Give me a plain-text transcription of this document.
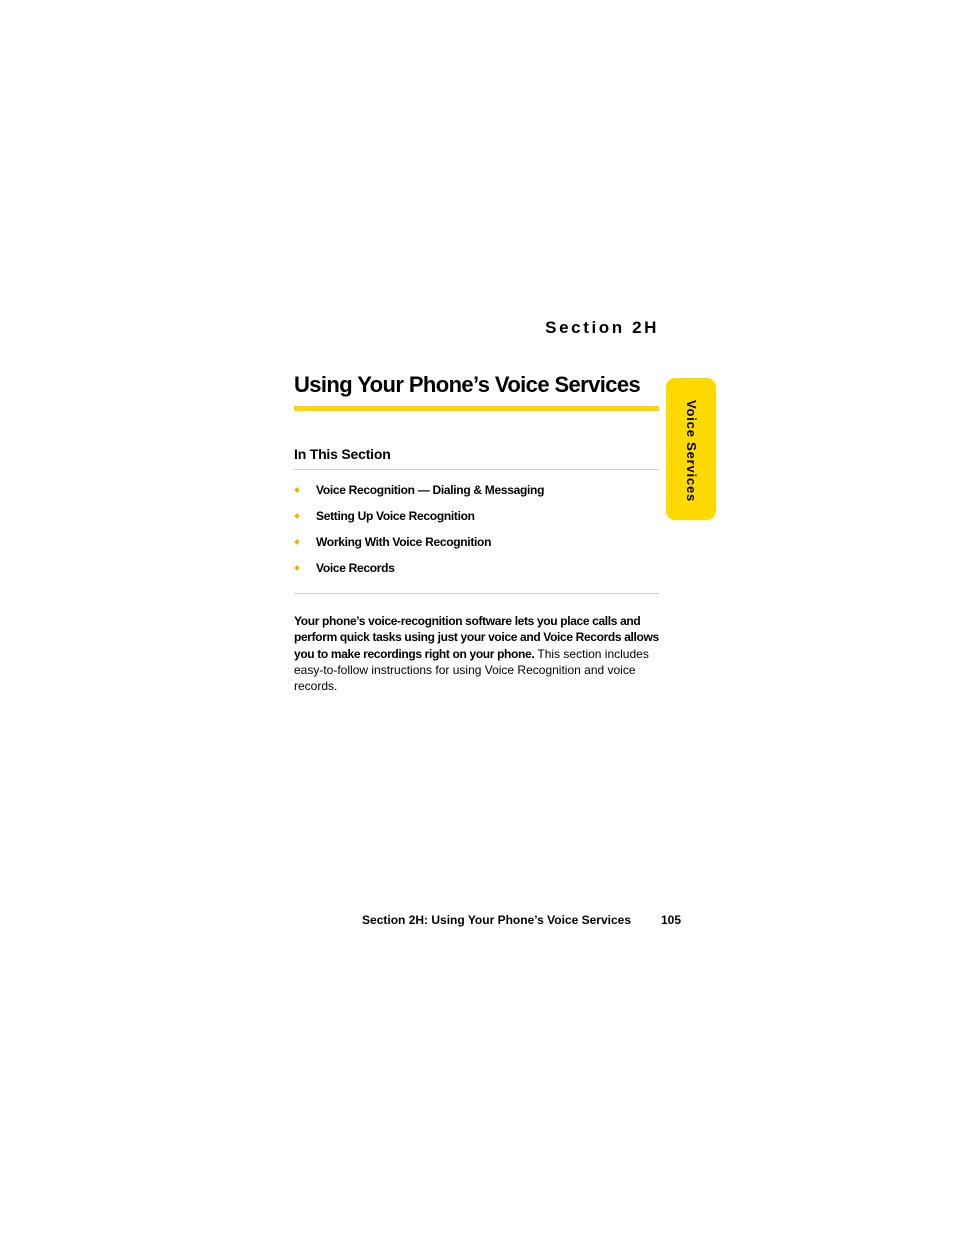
Section 2H
Using Your Phone’s Voice Services
Voice Services
In This Section
Voice Recognition — Dialing & Messaging
Setting Up Voice Recognition
Working With Voice Recognition
Voice Records

Your phone’s voice-recognition software lets you place calls and perform quick tasks using just your voice and Voice Records allows you to make recordings right on your phone. This section includes easy-to-follow instructions for using Voice Recognition and voice records.

Section 2H: Using Your Phone’s Voice Services 105
